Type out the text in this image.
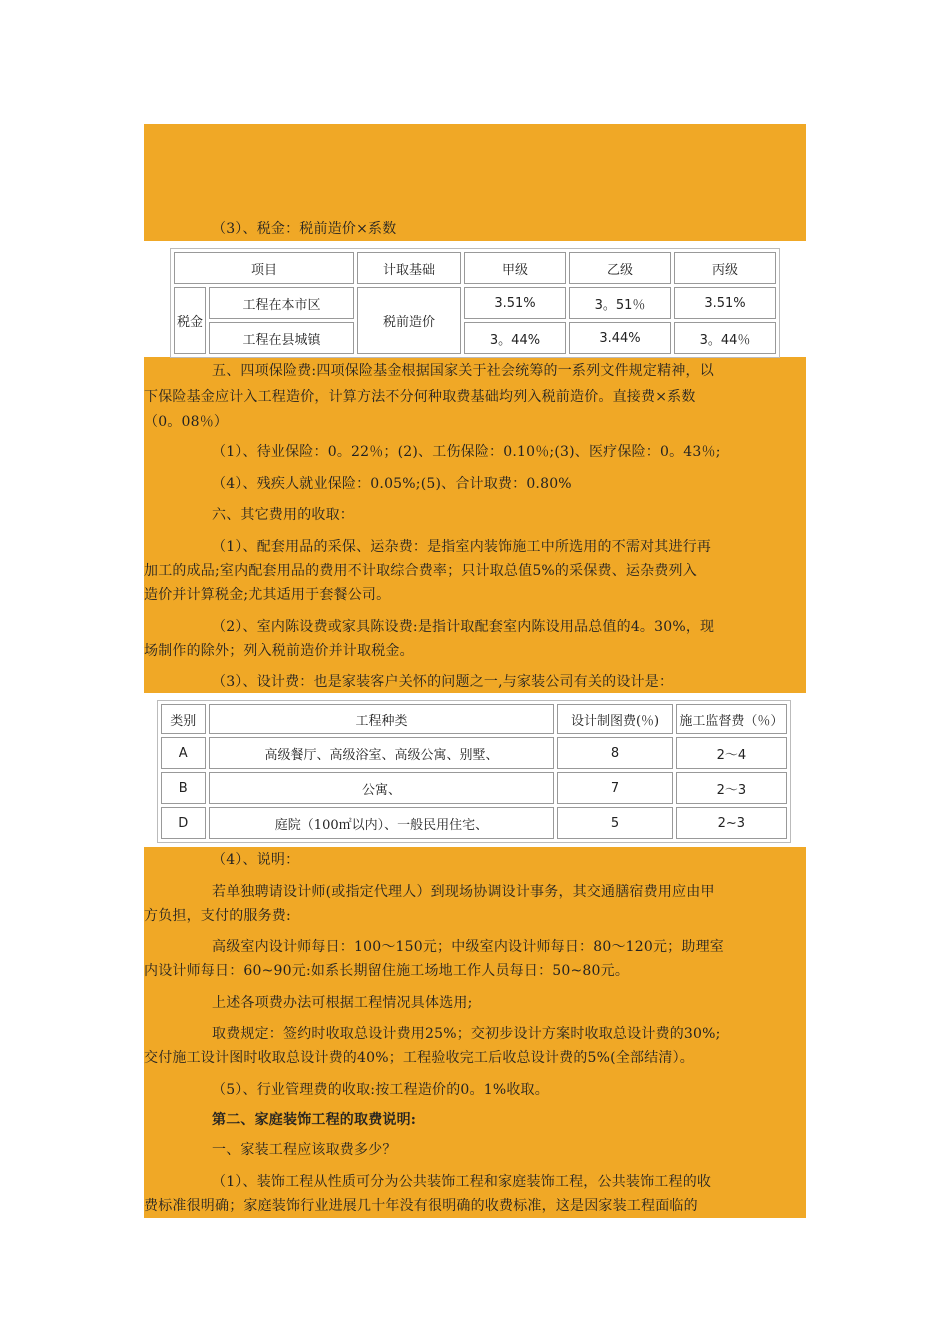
（3）、税金：税前造价×系数
项目		计取基础	甲级	乙级	丙级
税金	工程在本市区	税前造价	3.51%	3。51％	3.51%
	工程在县城镇		3。44%	3.44%	3。44％
五、四项保险费:四项保险基金根据国家关于社会统筹的一系列文件规定精神，以
下保险基金应计入工程造价，计算方法不分何种取费基础均列入税前造价。直接费×系数
（0。08％）
（1）、待业保险：0。22％；(2)、工伤保险：0.10％;(3)、医疗保险：0。43％;
（4）、残疾人就业保险：0.05%;(5)、合计取费：0.80%
六、其它费用的收取：
（1）、配套用品的采保、运杂费：是指室内装饰施工中所选用的不需对其进行再
加工的成品;室内配套用品的费用不计取综合费率；只计取总值5%的采保费、运杂费列入
造价并计算税金;尤其适用于套餐公司。
（2）、室内陈设费或家具陈设费:是指计取配套室内陈设用品总值的4。30%，现
场制作的除外；列入税前造价并计取税金。
（3）、设计费：也是家装客户关怀的问题之一,与家装公司有关的设计是：
类别	工程种类	设计制图费(％)	施工监督费（％）
A	高级餐厅、高级浴室、高级公寓、别墅、	8	2～4
B	公寓、	7	2～3
D	庭院（100㎡以内）、一般民用住宅、	5	2~3
（4）、说明：
若单独聘请设计师(或指定代理人）到现场协调设计事务，其交通膳宿费用应由甲
方负担，支付的服务费:
高级室内设计师每日：100～150元；中级室内设计师每日：80～120元；助理室
内设计师每日：60~90元:如系长期留住施工场地工作人员每日：50~80元。
上述各项费办法可根据工程情况具体选用;
取费规定：签约时收取总设计费用25%；交初步设计方案时收取总设计费的30%;
交付施工设计图时收取总设计费的40%；工程验收完工后收总设计费的5%(全部结清）。
（5）、行业管理费的收取:按工程造价的0。1%收取。
第二、家庭装饰工程的取费说明:
一、家装工程应该取费多少？
（1）、装饰工程从性质可分为公共装饰工程和家庭装饰工程，公共装饰工程的收
费标准很明确；家庭装饰行业进展几十年没有很明确的收费标准，这是因家装工程面临的
